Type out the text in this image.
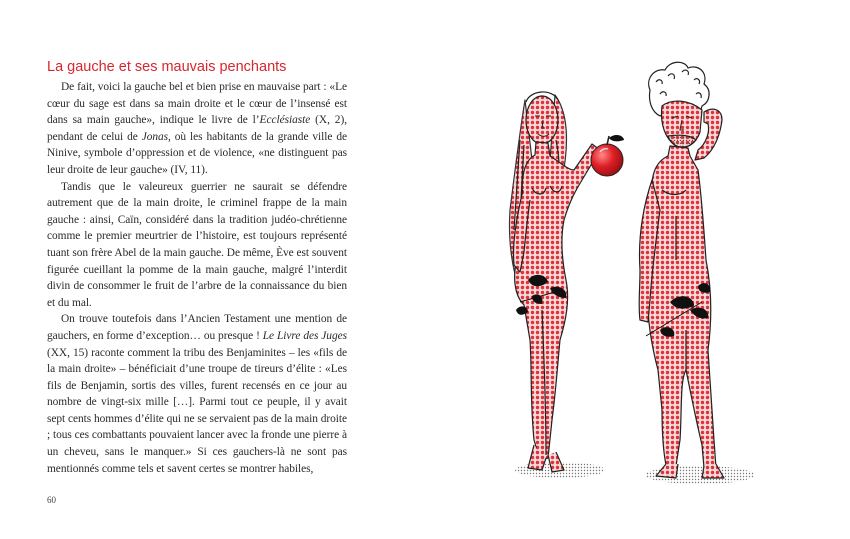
La gauche et ses mauvais penchants

De fait, voici la gauche bel et bien prise en mauvaise part : «Le cœur du sage est dans sa main droite et le cœur de l’insensé est dans sa main gauche», indique le livre de l’Ecclésiaste (X, 2), pendant de celui de Jonas, où les habitants de la grande ville de Ninive, symbole d’oppression et de violence, «ne distinguent pas leur droite de leur gauche» (IV, 11).

Tandis que le valeureux guerrier ne saurait se défendre autrement que de la main droite, le criminel frappe de la main gauche : ainsi, Caïn, considéré dans la tradition judéo-chrétienne comme le premier meurtrier de l’histoire, est toujours représenté tuant son frère Abel de la main gauche. De même, Ève est souvent figurée cueillant la pomme de la main gauche, malgré l’interdit divin de consommer le fruit de l’arbre de la connaissance du bien et du mal.

On trouve toutefois dans l’Ancien Testament une mention de gauchers, en forme d’exception… ou presque ! Le Livre des Juges (XX, 15) raconte comment la tribu des Benjaminites – les «fils de la main droite» – bénéficiait d’une troupe de tireurs d’élite : «Les fils de Benjamin, sortis des villes, furent recensés en ce jour au nombre de vingt-six mille […]. Parmi tout ce peuple, il y avait sept cents hommes d’élite qui ne se servaient pas de la main droite ; tous ces combattants pouvaient lancer avec la fronde une pierre à un cheveu, sans le manquer.» Si ces gauchers-là ne sont pas mentionnés comme tels et savent certes se montrer habiles,

60
